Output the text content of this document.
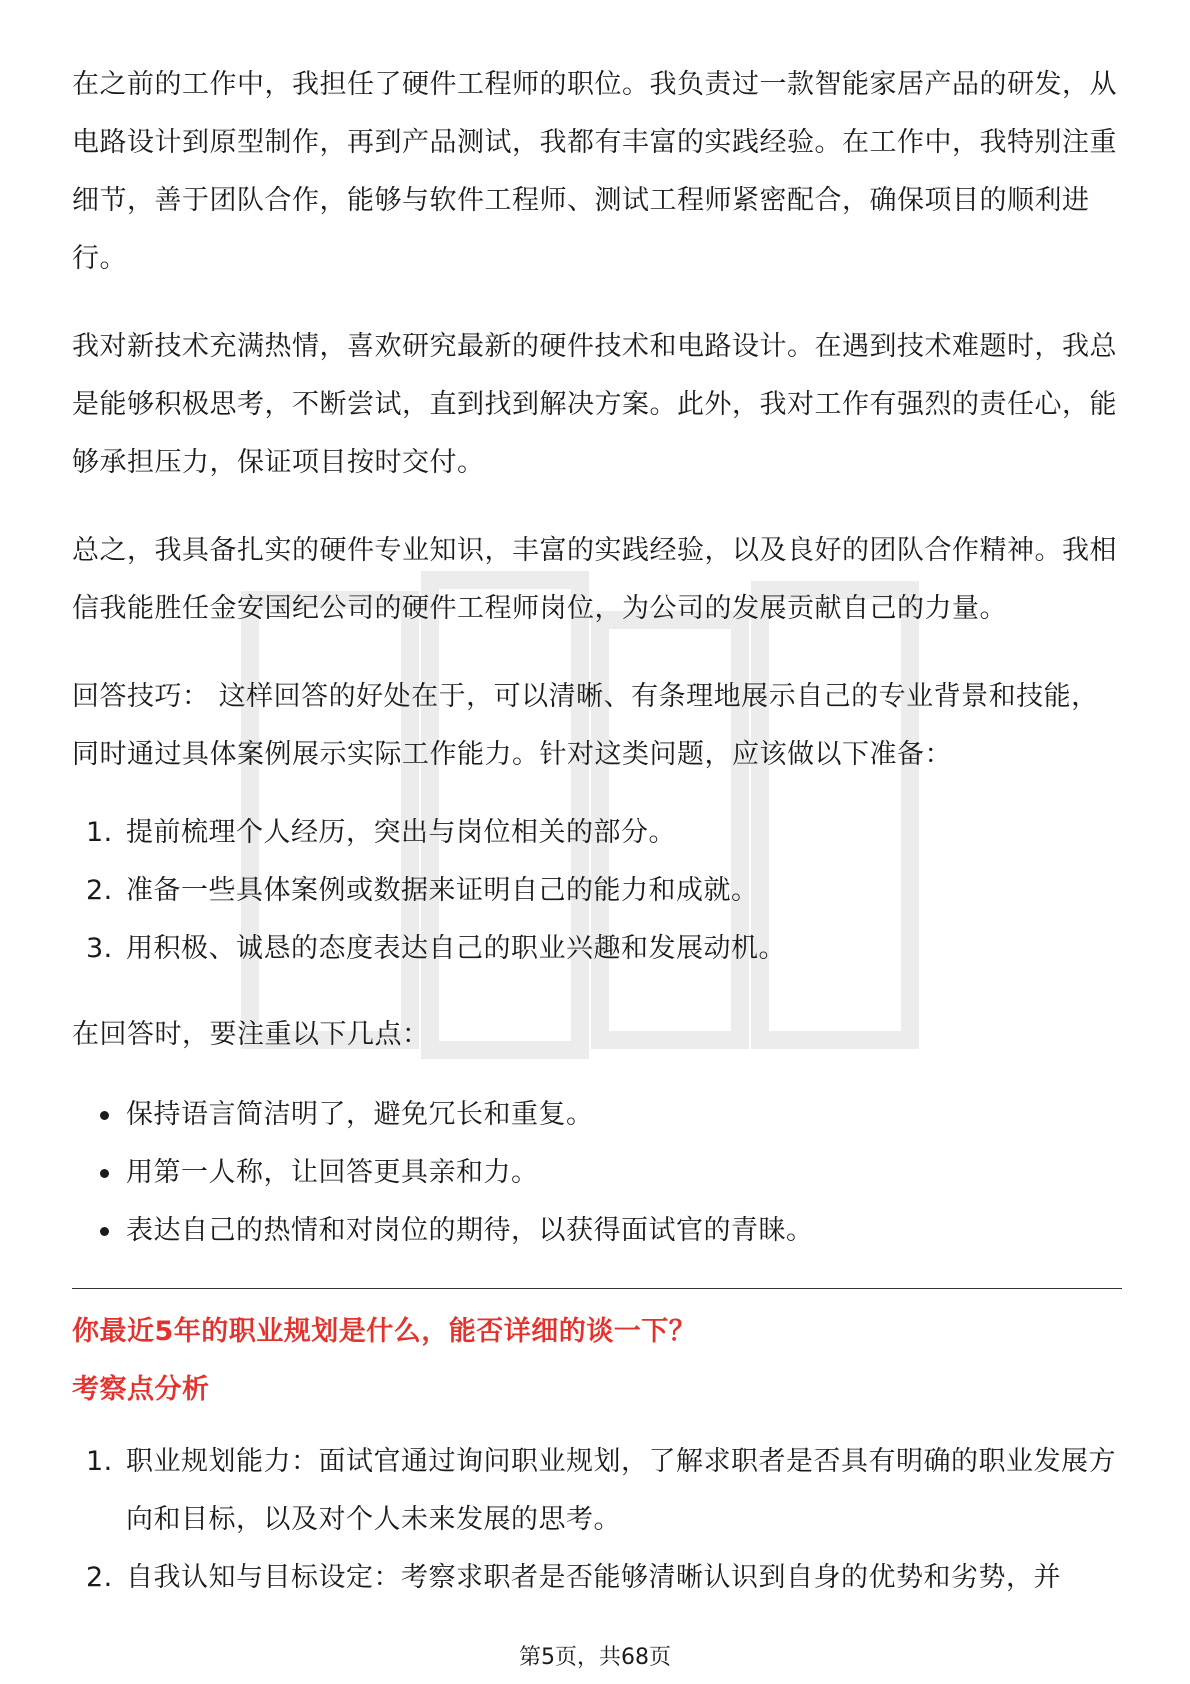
在之前的工作中，我担任了硬件工程师的职位。我负责过一款智能家居产品的研发，从电路设计到原型制作，再到产品测试，我都有丰富的实践经验。在工作中，我特别注重细节，善于团队合作，能够与软件工程师、测试工程师紧密配合，确保项目的顺利进行。

我对新技术充满热情，喜欢研究最新的硬件技术和电路设计。在遇到技术难题时，我总是能够积极思考，不断尝试，直到找到解决方案。此外，我对工作有强烈的责任心，能够承担压力，保证项目按时交付。

总之，我具备扎实的硬件专业知识，丰富的实践经验，以及良好的团队合作精神。我相信我能胜任金安国纪公司的硬件工程师岗位，为公司的发展贡献自己的力量。

回答技巧： 这样回答的好处在于，可以清晰、有条理地展示自己的专业背景和技能，同时通过具体案例展示实际工作能力。针对这类问题，应该做以下准备：

1. 提前梳理个人经历，突出与岗位相关的部分。
2. 准备一些具体案例或数据来证明自己的能力和成就。
3. 用积极、诚恳的态度表达自己的职业兴趣和发展动机。

在回答时，要注重以下几点：

保持语言简洁明了，避免冗长和重复。
用第一人称，让回答更具亲和力。
表达自己的热情和对岗位的期待，以获得面试官的青睐。

你最近5年的职业规划是什么，能否详细的谈一下？

考察点分析

1. 职业规划能力：面试官通过询问职业规划，了解求职者是否具有明确的职业发展方向和目标，以及对个人未来发展的思考。
2. 自我认知与目标设定：考察求职者是否能够清晰认识到自身的优势和劣势，并
第5页，共68页
